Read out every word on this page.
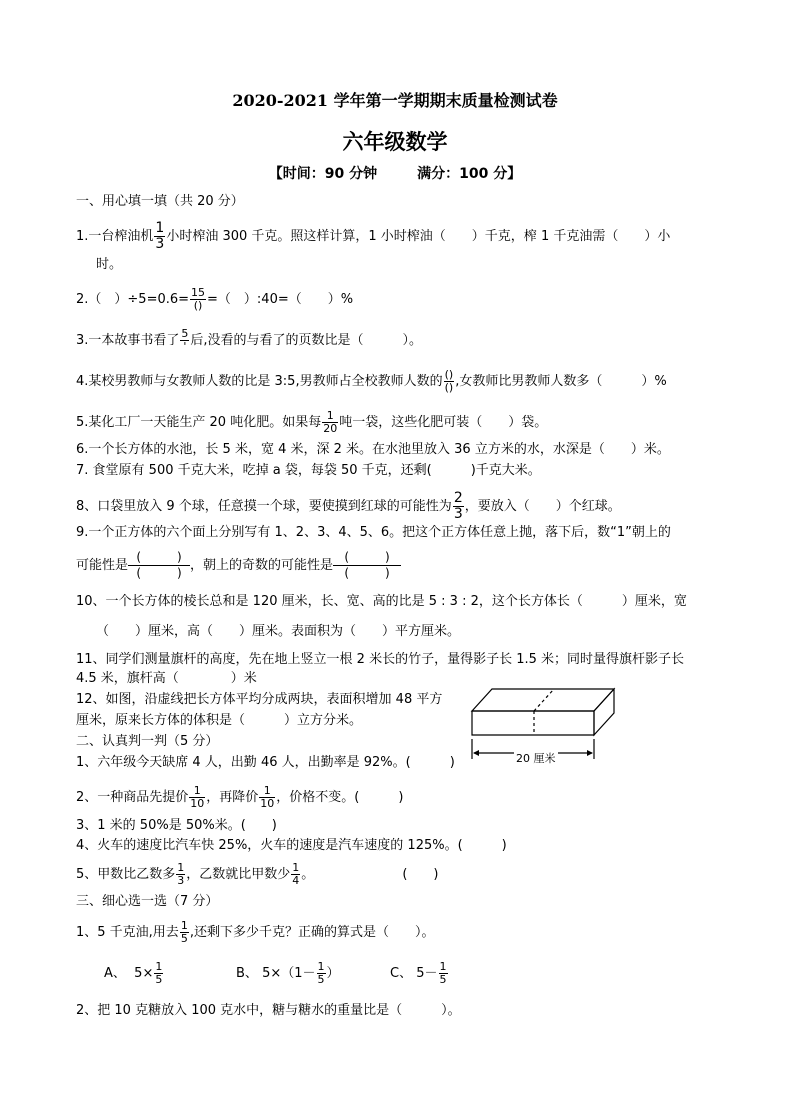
2020-2021 学年第一学期期末质量检测试卷
六年级数学
【时间：90 分钟	满分：100 分】
一、用心填一填（共 20 分）
1.一台榨油机 $\frac{1}{3}$ 小时榨油 300 千克。照这样计算，1 小时榨油（　　）千克，榨 1 千克油需（　　）小
时。
2.（　）$\div 5=0.6= \frac{15}{()}$ =（　）:40=（　　）%
3.一本故事书看了 $\frac{5}{'}$ 后,没看的与看了的页数比是（　　　）。
4.某校男教师与女教师人数的比是 3:5,男教师占全校教师人数的 $\frac{()}{()}$ ,女教师比男教师人数多（　　　）%
5.某化工厂一天能生产 20 吨化肥。如果每 $\frac{1}{20}$ 吨一袋，这些化肥可装（　　）袋。
6.一个长方体的水池，长 5 米，宽 4 米，深 2 米。在水池里放入 36 立方米的水，水深是（　　）米。
7. 食堂原有 500 千克大米，吃掉 a 袋，每袋 50 千克，还剩(　　　)千克大米。
8、口袋里放入 9 个球，任意摸一个球，要使摸到红球的可能性为 $\frac{2}{3}$ ，要放入（　　）个红球。
9.一个正方体的六个面上分别写有 1、2、3、4、5、6。把这个正方体任意上抛，落下后，数“1”朝上的
可能性是
(　　　)
(　　　) ，朝上的奇数的可能性是
(　　　)
(　　　)
10、一个长方体的棱长总和是 120 厘米，长、宽、高的比是 5 : 3 : 2，这个长方体长（　　　）厘米，宽
（　　）厘米，高（　　）厘米。表面积为（　　）平方厘米。
11、同学们测量旗杆的高度，先在地上竖立一根 2 米长的竹子，量得影子长 1.5 米；同时量得旗杆影子长
4.5 米，旗杆高（　　　　）米
12、如图，沿虚线把长方体平均分成两块，表面积增加 48 平方
厘米，原来长方体的体积是（　　　）立方分米。
20 厘米
二、认真判一判（5 分）
1、六年级今天缺席 4 人，出勤 46 人，出勤率是 92%。(　　　)
2、一种商品先提价 $\frac{1}{10}$ ，再降价 $\frac{1}{10}$ ，价格不变。(　　　)
3、1 米的 50%是 50%米。(　　)
4、火车的速度比汽车快 25%，火车的速度是汽车速度的 125%。(　　　)
5、甲数比乙数多 $\frac{1}{3}$ ，乙数就比甲数少 $\frac{1}{4}$ 。	(　　)
三、细心选一选（7 分）
1、5 千克油,用去 $\frac{1}{5}$ ,还剩下多少千克？正确的算式是（　　）。
A、 $5\times \frac{1}{5}$	B、 $5\times(1- \frac{1}{5}$ ）	C、 $5- \frac{1}{5}$
2、把 10 克糖放入 100 克水中，糖与糖水的重量比是（　　　）。
